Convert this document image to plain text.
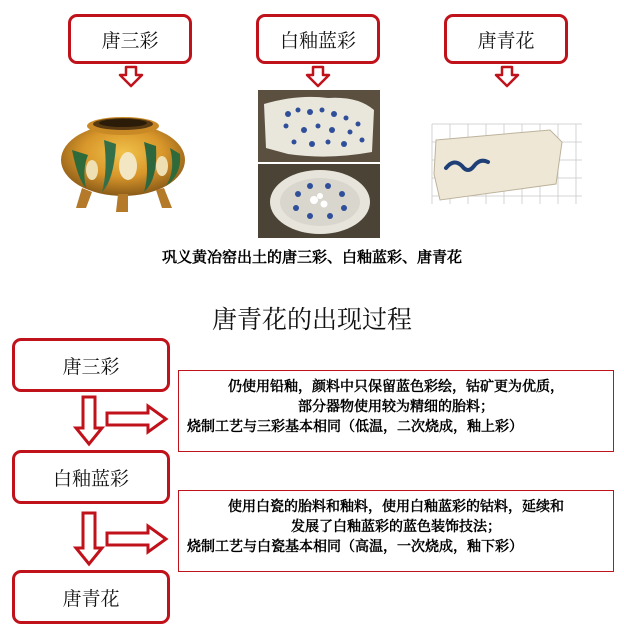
唐三彩	白釉蓝彩	唐青花
巩义黄冶窑出土的唐三彩、白釉蓝彩、唐青花
唐青花的出现过程
唐三彩
白釉蓝彩
唐青花
仍使用铅釉，颜料中只保留蓝色彩绘，钴矿更为优质，
部分器物使用较为精细的胎料；
烧制工艺与三彩基本相同（低温，二次烧成，釉上彩）
使用白瓷的胎料和釉料，使用白釉蓝彩的钴料，延续和
发展了白釉蓝彩的蓝色装饰技法；
烧制工艺与白瓷基本相同（高温，一次烧成，釉下彩）
